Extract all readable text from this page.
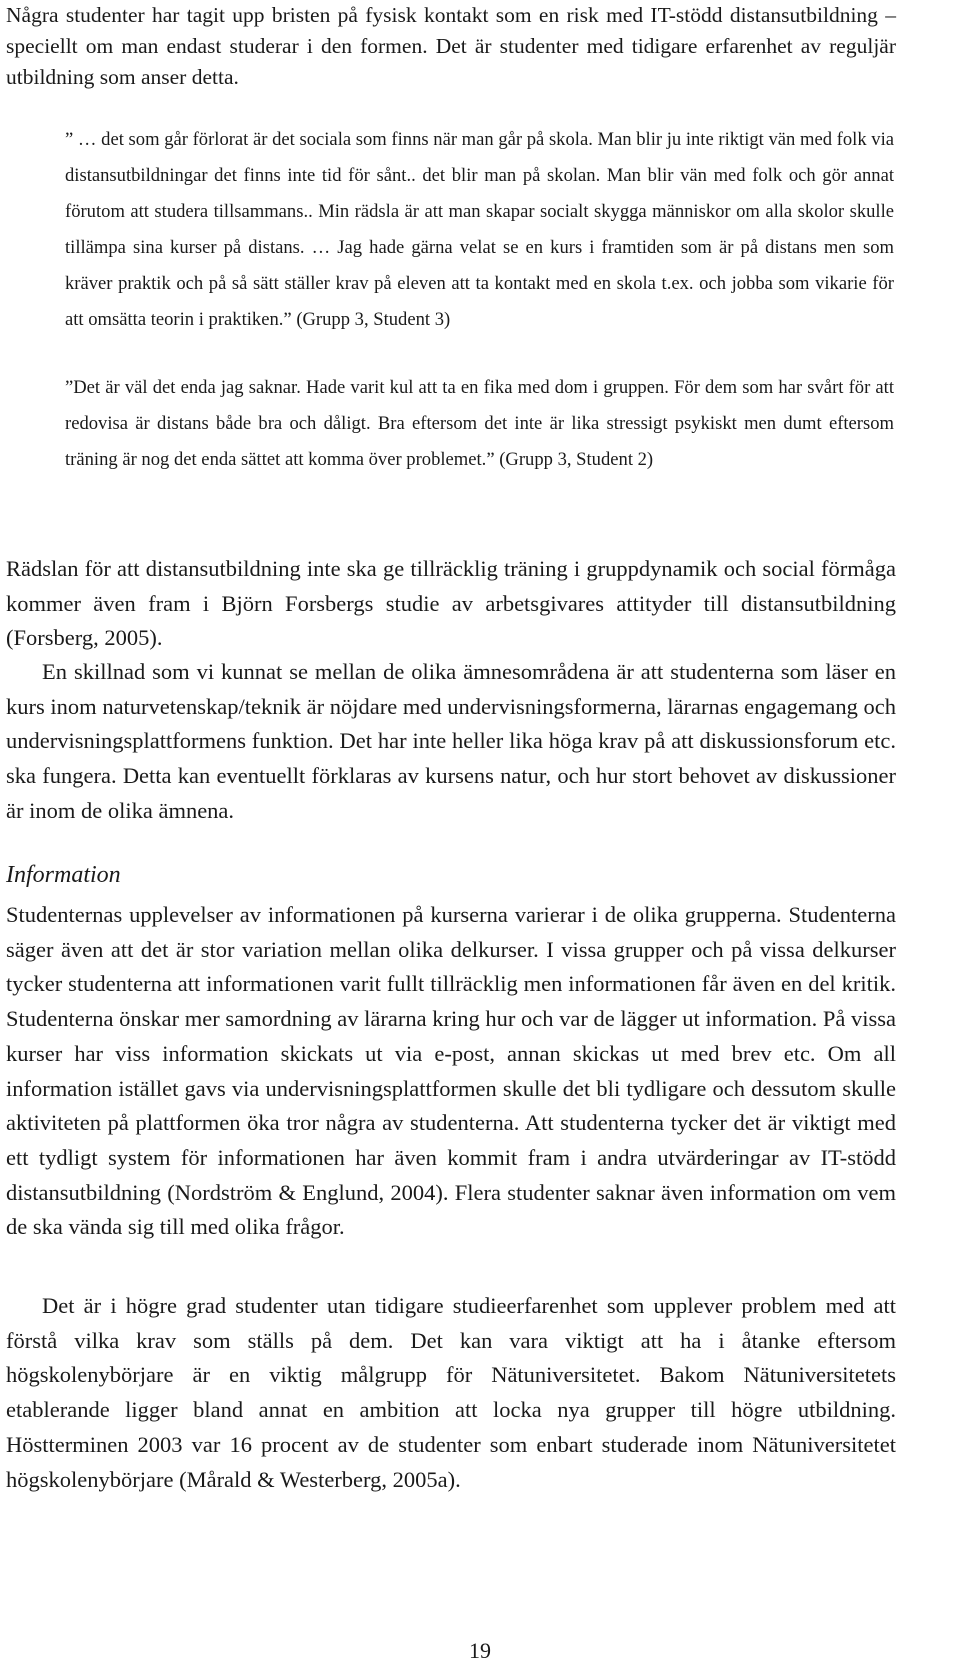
Några studenter har tagit upp bristen på fysisk kontakt som en risk med IT-stödd distansutbildning – speciellt om man endast studerar i den formen. Det är studenter med tidigare erfarenhet av reguljär utbildning som anser detta.

” … det som går förlorat är det sociala som finns när man går på skola. Man blir ju inte riktigt vän med folk via distansutbildningar det finns inte tid för sånt.. det blir man på skolan. Man blir vän med folk och gör annat förutom att studera tillsammans.. Min rädsla är att man skapar socialt skygga människor om alla skolor skulle tillämpa sina kurser på distans. … Jag hade gärna velat se en kurs i framtiden som är på distans men som kräver praktik och på så sätt ställer krav på eleven att ta kontakt med en skola t.ex. och jobba som vikarie för att omsätta teorin i praktiken.” (Grupp 3, Student 3)

”Det är väl det enda jag saknar. Hade varit kul att ta en fika med dom i gruppen. För dem som har svårt för att redovisa är distans både bra och dåligt. Bra eftersom det inte är lika stressigt psykiskt men dumt eftersom träning är nog det enda sättet att komma över problemet.” (Grupp 3, Student 2)

Rädslan för att distansutbildning inte ska ge tillräcklig träning i gruppdynamik och social förmåga kommer även fram i Björn Forsbergs studie av arbetsgivares attityder till distansutbildning (Forsberg, 2005).

En skillnad som vi kunnat se mellan de olika ämnesområdena är att studenterna som läser en kurs inom naturvetenskap/teknik är nöjdare med undervisningsformerna, lärarnas engagemang och undervisningsplattformens funktion. Det har inte heller lika höga krav på att diskussionsforum etc. ska fungera. Detta kan eventuellt förklaras av kursens natur, och hur stort behovet av diskussioner är inom de olika ämnena.

Information

Studenternas upplevelser av informationen på kurserna varierar i de olika grupperna. Studenterna säger även att det är stor variation mellan olika delkurser. I vissa grupper och på vissa delkurser tycker studenterna att informationen varit fullt tillräcklig men informationen får även en del kritik. Studenterna önskar mer samordning av lärarna kring hur och var de lägger ut information. På vissa kurser har viss information skickats ut via e-post, annan skickas ut med brev etc. Om all information istället gavs via undervisningsplattformen skulle det bli tydligare och dessutom skulle aktiviteten på plattformen öka tror några av studenterna. Att studenterna tycker det är viktigt med ett tydligt system för informationen har även kommit fram i andra utvärderingar av IT-stödd distansutbildning (Nordström & Englund, 2004). Flera studenter saknar även information om vem de ska vända sig till med olika frågor.

Det är i högre grad studenter utan tidigare studieerfarenhet som upplever problem med att förstå vilka krav som ställs på dem. Det kan vara viktigt att ha i åtanke eftersom högskolenybörjare är en viktig målgrupp för Nätuniversitetet. Bakom Nätuniversitetets etablerande ligger bland annat en ambition att locka nya grupper till högre utbildning. Höstterminen 2003 var 16 procent av de studenter som enbart studerade inom Nätuniversitetet högskolenybörjare (Mårald & Westerberg, 2005a).

19
